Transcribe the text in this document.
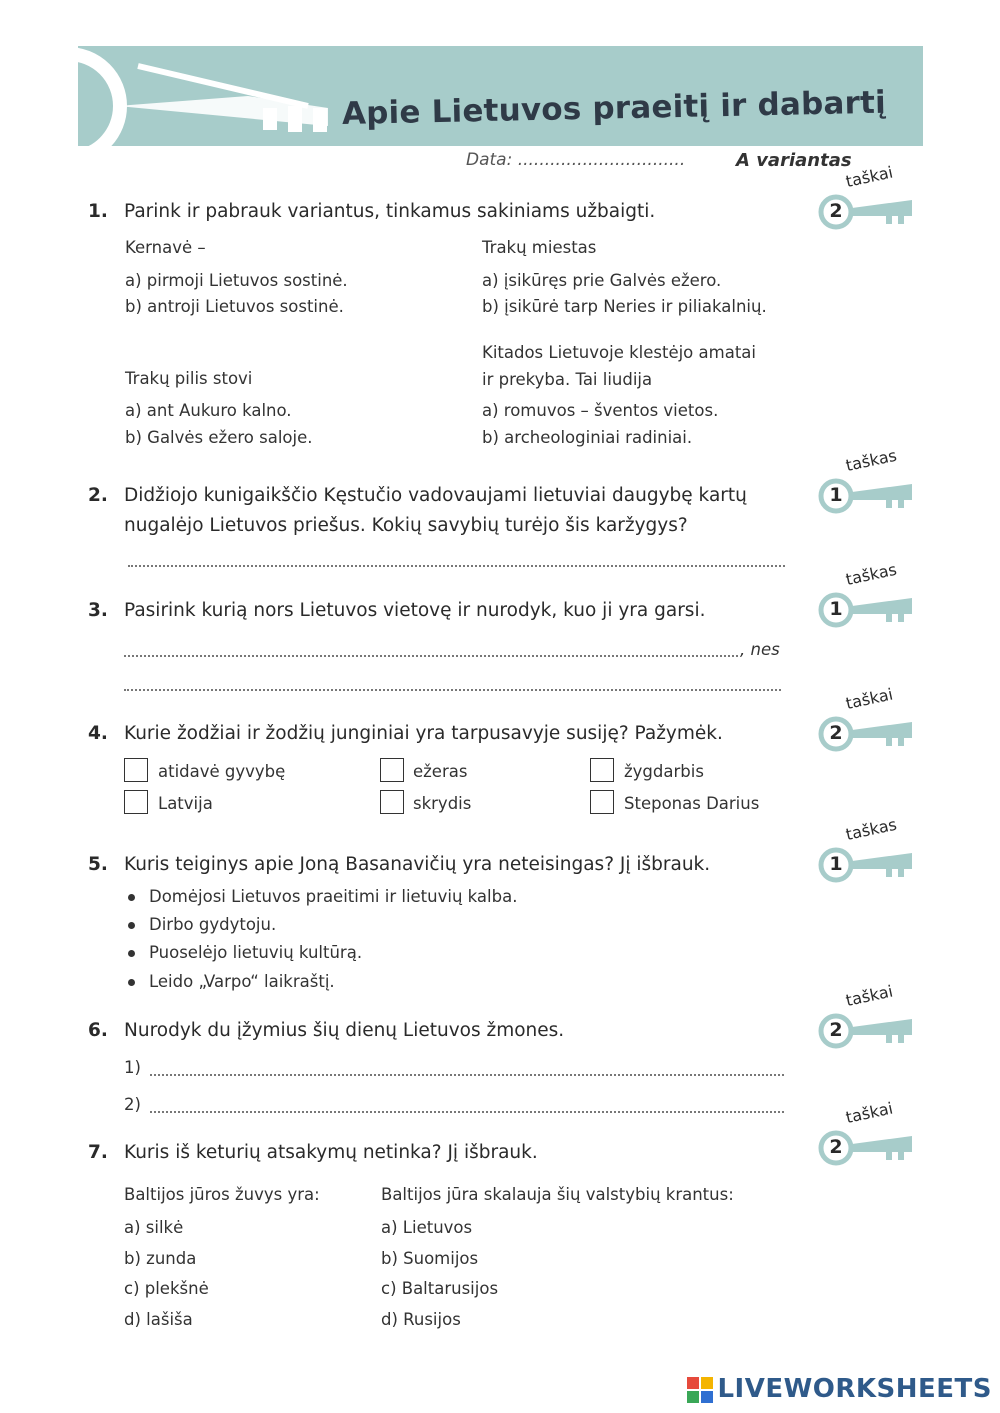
Apie Lietuvos praeitį ir dabartį
Data: ...............................	A variantas
1. Parink ir pabrauk variantus, tinkamus sakiniams užbaigti.
taškai
2
Kernavė –
a) pirmoji Lietuvos sostinė.
b) antroji Lietuvos sostinė.
Trakų miestas
a) įsikūręs prie Galvės ežero.
b) įsikūrė tarp Neries ir piliakalnių.
Trakų pilis stovi
a) ant Aukuro kalno.
b) Galvės ežero saloje.
Kitados Lietuvoje klestėjo amatai
ir prekyba. Tai liudija
a) romuvos – šventos vietos.
b) archeologiniai radiniai.
2. Didžiojo kunigaikščio Kęstučio vadovaujami lietuviai daugybę kartų
nugalėjo Lietuvos priešus. Kokių savybių turėjo šis karžygys?
taškas
1
3. Pasirink kurią nors Lietuvos vietovę ir nurodyk, kuo ji yra garsi.
, nes
taškas
1
4. Kurie žodžiai ir žodžių junginiai yra tarpusavyje susiję? Pažymėk.
taškai
2
atidavė gyvybę
Latvija
ežeras
skrydis
žygdarbis
Steponas Darius
5. Kuris teiginys apie Joną Basanavičių yra neteisingas? Jį išbrauk.
taškas
1
Domėjosi Lietuvos praeitimi ir lietuvių kalba.
Dirbo gydytoju.
Puoselėjo lietuvių kultūrą.
Leido „Varpo“ laikraštį.
6. Nurodyk du įžymius šių dienų Lietuvos žmones.
taškai
2
1)
2)
7. Kuris iš keturių atsakymų netinka? Jį išbrauk.
taškai
2
Baltijos jūros žuvys yra:
a) silkė
b) zunda
c) plekšnė
d) lašiša
Baltijos jūra skalauja šių valstybių krantus:
a) Lietuvos
b) Suomijos
c) Baltarusijos
d) Rusijos
LIVEWORKSHEETS
